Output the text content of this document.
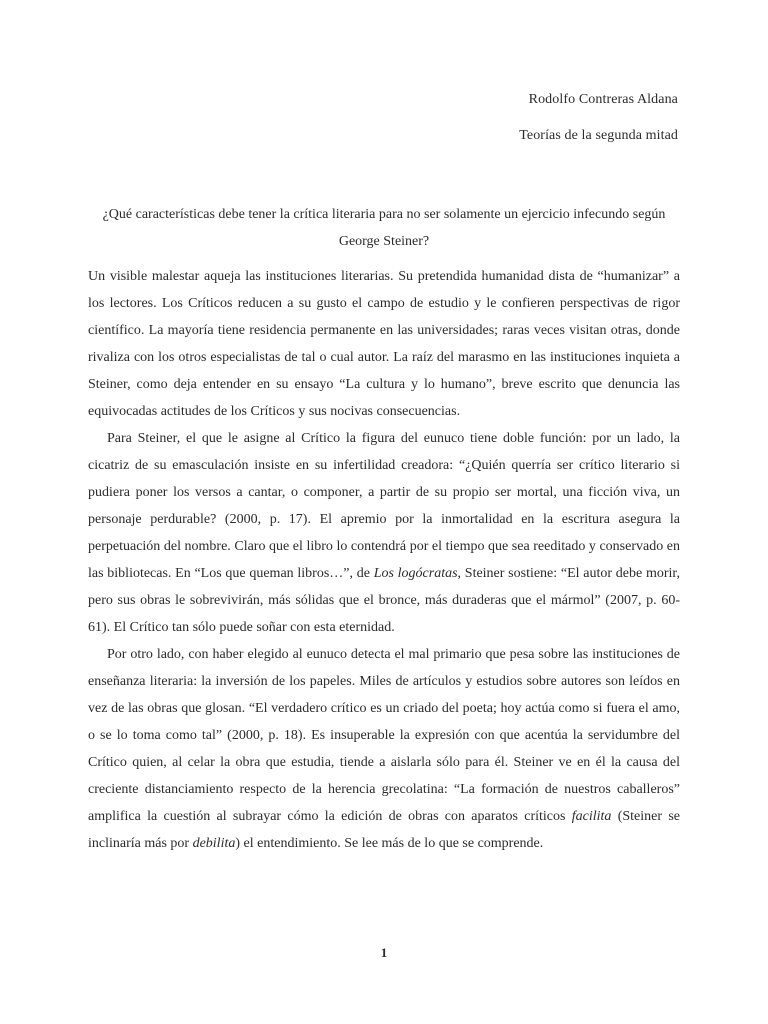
Rodolfo Contreras Aldana
Teorías de la segunda mitad
¿Qué características debe tener la crítica literaria para no ser solamente un ejercicio infecundo según George Steiner?

Un visible malestar aqueja las instituciones literarias. Su pretendida humanidad dista de “humanizar” a los lectores. Los Críticos reducen a su gusto el campo de estudio y le confieren perspectivas de rigor científico. La mayoría tiene residencia permanente en las universidades; raras veces visitan otras, donde rivaliza con los otros especialistas de tal o cual autor. La raíz del marasmo en las instituciones inquieta a Steiner, como deja entender en su ensayo “La cultura y lo humano”, breve escrito que denuncia las equivocadas actitudes de los Críticos y sus nocivas consecuencias.

Para Steiner, el que le asigne al Crítico la figura del eunuco tiene doble función: por un lado, la cicatriz de su emasculación insiste en su infertilidad creadora: “¿Quién querría ser crítico literario si pudiera poner los versos a cantar, o componer, a partir de su propio ser mortal, una ficción viva, un personaje perdurable? (2000, p. 17). El apremio por la inmortalidad en la escritura asegura la perpetuación del nombre. Claro que el libro lo contendrá por el tiempo que sea reeditado y conservado en las bibliotecas. En “Los que queman libros…”, de Los logócratas, Steiner sostiene: “El autor debe morir, pero sus obras le sobrevivirán, más sólidas que el bronce, más duraderas que el mármol” (2007, p. 60-61). El Crítico tan sólo puede soñar con esta eternidad.

Por otro lado, con haber elegido al eunuco detecta el mal primario que pesa sobre las instituciones de enseñanza literaria: la inversión de los papeles. Miles de artículos y estudios sobre autores son leídos en vez de las obras que glosan. “El verdadero crítico es un criado del poeta; hoy actúa como si fuera el amo, o se lo toma como tal” (2000, p. 18). Es insuperable la expresión con que acentúa la servidumbre del Crítico quien, al celar la obra que estudia, tiende a aislarla sólo para él. Steiner ve en él la causa del creciente distanciamiento respecto de la herencia grecolatina: “La formación de nuestros caballeros” amplifica la cuestión al subrayar cómo la edición de obras con aparatos críticos facilita (Steiner se inclinaría más por debilita) el entendimiento. Se lee más de lo que se comprende.

1
